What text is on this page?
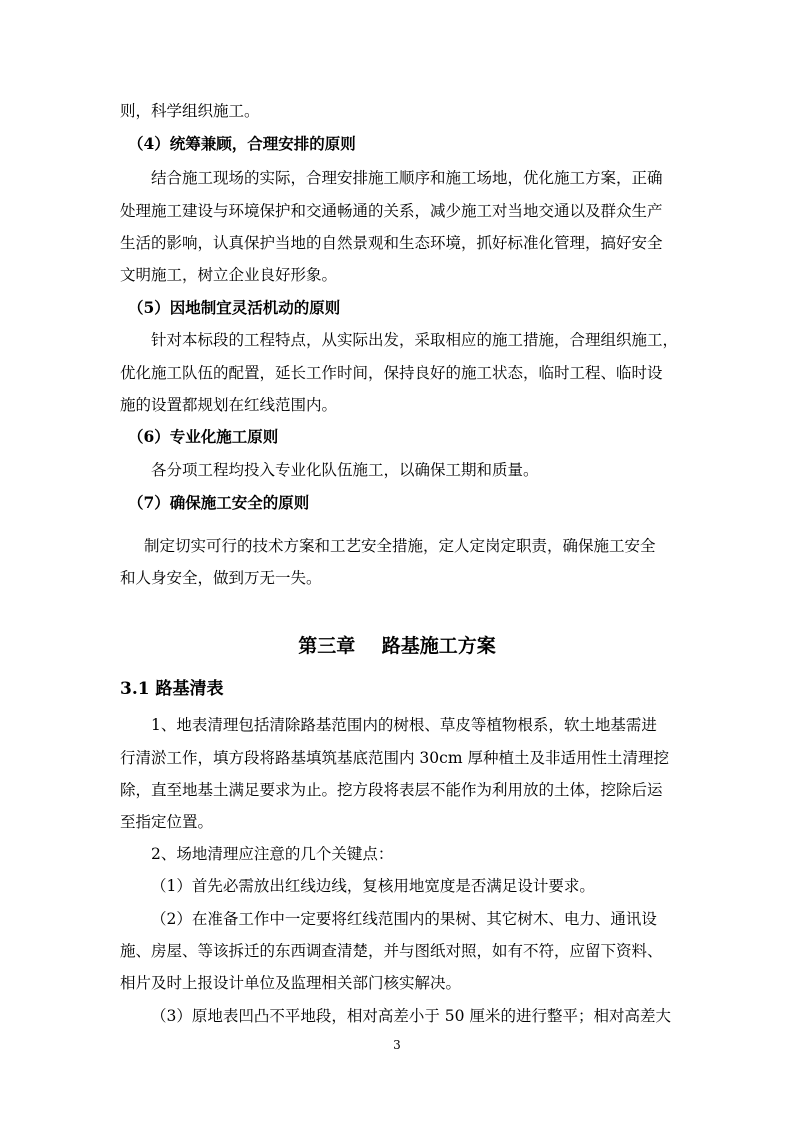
则，科学组织施工。
（4）统筹兼顾，合理安排的原则
结合施工现场的实际，合理安排施工顺序和施工场地，优化施工方案，正确
处理施工建设与环境保护和交通畅通的关系，减少施工对当地交通以及群众生产
生活的影响，认真保护当地的自然景观和生态环境，抓好标准化管理，搞好安全
文明施工，树立企业良好形象。
（5）因地制宜灵活机动的原则
针对本标段的工程特点，从实际出发，采取相应的施工措施，合理组织施工，
优化施工队伍的配置，延长工作时间，保持良好的施工状态，临时工程、临时设
施的设置都规划在红线范围内。
（6）专业化施工原则
各分项工程均投入专业化队伍施工，以确保工期和质量。
（7）确保施工安全的原则
制定切实可行的技术方案和工艺安全措施，定人定岗定职责，确保施工安全
和人身安全，做到万无一失。
第三章    路基施工方案
3.1 路基清表
1、地表清理包括清除路基范围内的树根、草皮等植物根系，软土地基需进
行清淤工作，填方段将路基填筑基底范围内 30cm 厚种植土及非适用性土清理挖
除，直至地基土满足要求为止。挖方段将表层不能作为利用放的土体，挖除后运
至指定位置。
2、场地清理应注意的几个关键点：
（1）首先必需放出红线边线，复核用地宽度是否满足设计要求。
（2）在准备工作中一定要将红线范围内的果树、其它树木、电力、通讯设
施、房屋、等该拆迁的东西调查清楚，并与图纸对照，如有不符，应留下资料、
相片及时上报设计单位及监理相关部门核实解决。
（3）原地表凹凸不平地段，相对高差小于 50 厘米的进行整平；相对高差大
3
